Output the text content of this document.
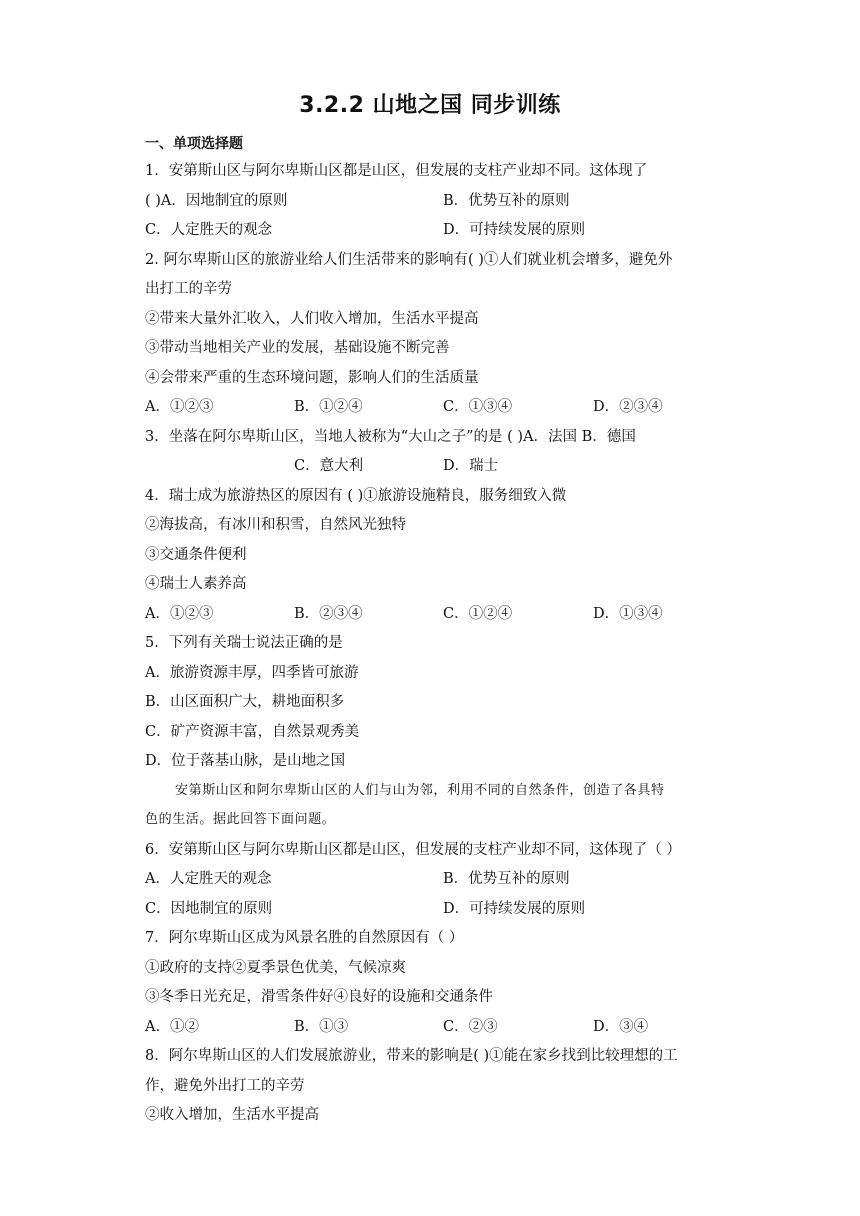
3.2.2 山地之国 同步训练
一、单项选择题
1．安第斯山区与阿尔卑斯山区都是山区，但发展的支柱产业却不同。这体现了
( )A．因地制宜的原则	B．优势互补的原则
C．人定胜天的观念	D．可持续发展的原则
2. 阿尔卑斯山区的旅游业给人们生活带来的影响有( )①人们就业机会增多，避免外
出打工的辛劳
②带来大量外汇收入，人们收入增加，生活水平提高
③带动当地相关产业的发展，基础设施不断完善
④会带来严重的生态环境问题，影响人们的生活质量
A．①②③	B．①②④	C．①③④	D．②③④
3．坐落在阿尔卑斯山区，当地人被称为“大山之子”的是 ( )A．法国 B．德国
C．意大利	D．瑞士
4．瑞士成为旅游热区的原因有 ( )①旅游设施精良，服务细致入微
②海拔高，有冰川和积雪，自然风光独特
③交通条件便利
④瑞士人素养高
A．①②③	B．②③④	C．①②④	D．①③④
5．下列有关瑞士说法正确的是
A．旅游资源丰厚，四季皆可旅游
B．山区面积广大，耕地面积多
C．矿产资源丰富，自然景观秀美
D．位于落基山脉，是山地之国
安第斯山区和阿尔卑斯山区的人们与山为邻，利用不同的自然条件，创造了各具特
色的生活。据此回答下面问题。
6．安第斯山区与阿尔卑斯山区都是山区，但发展的支柱产业却不同，这体现了（ ）
A．人定胜天的观念	B．优势互补的原则
C．因地制宜的原则	D．可持续发展的原则
7．阿尔卑斯山区成为风景名胜的自然原因有（ ）
①政府的支持②夏季景色优美，气候凉爽
③冬季日光充足，滑雪条件好④良好的设施和交通条件
A．①②	B．①③	C．②③	D．③④
8．阿尔卑斯山区的人们发展旅游业，带来的影响是( )①能在家乡找到比较理想的工
作，避免外出打工的辛劳
②收入增加，生活水平提高
